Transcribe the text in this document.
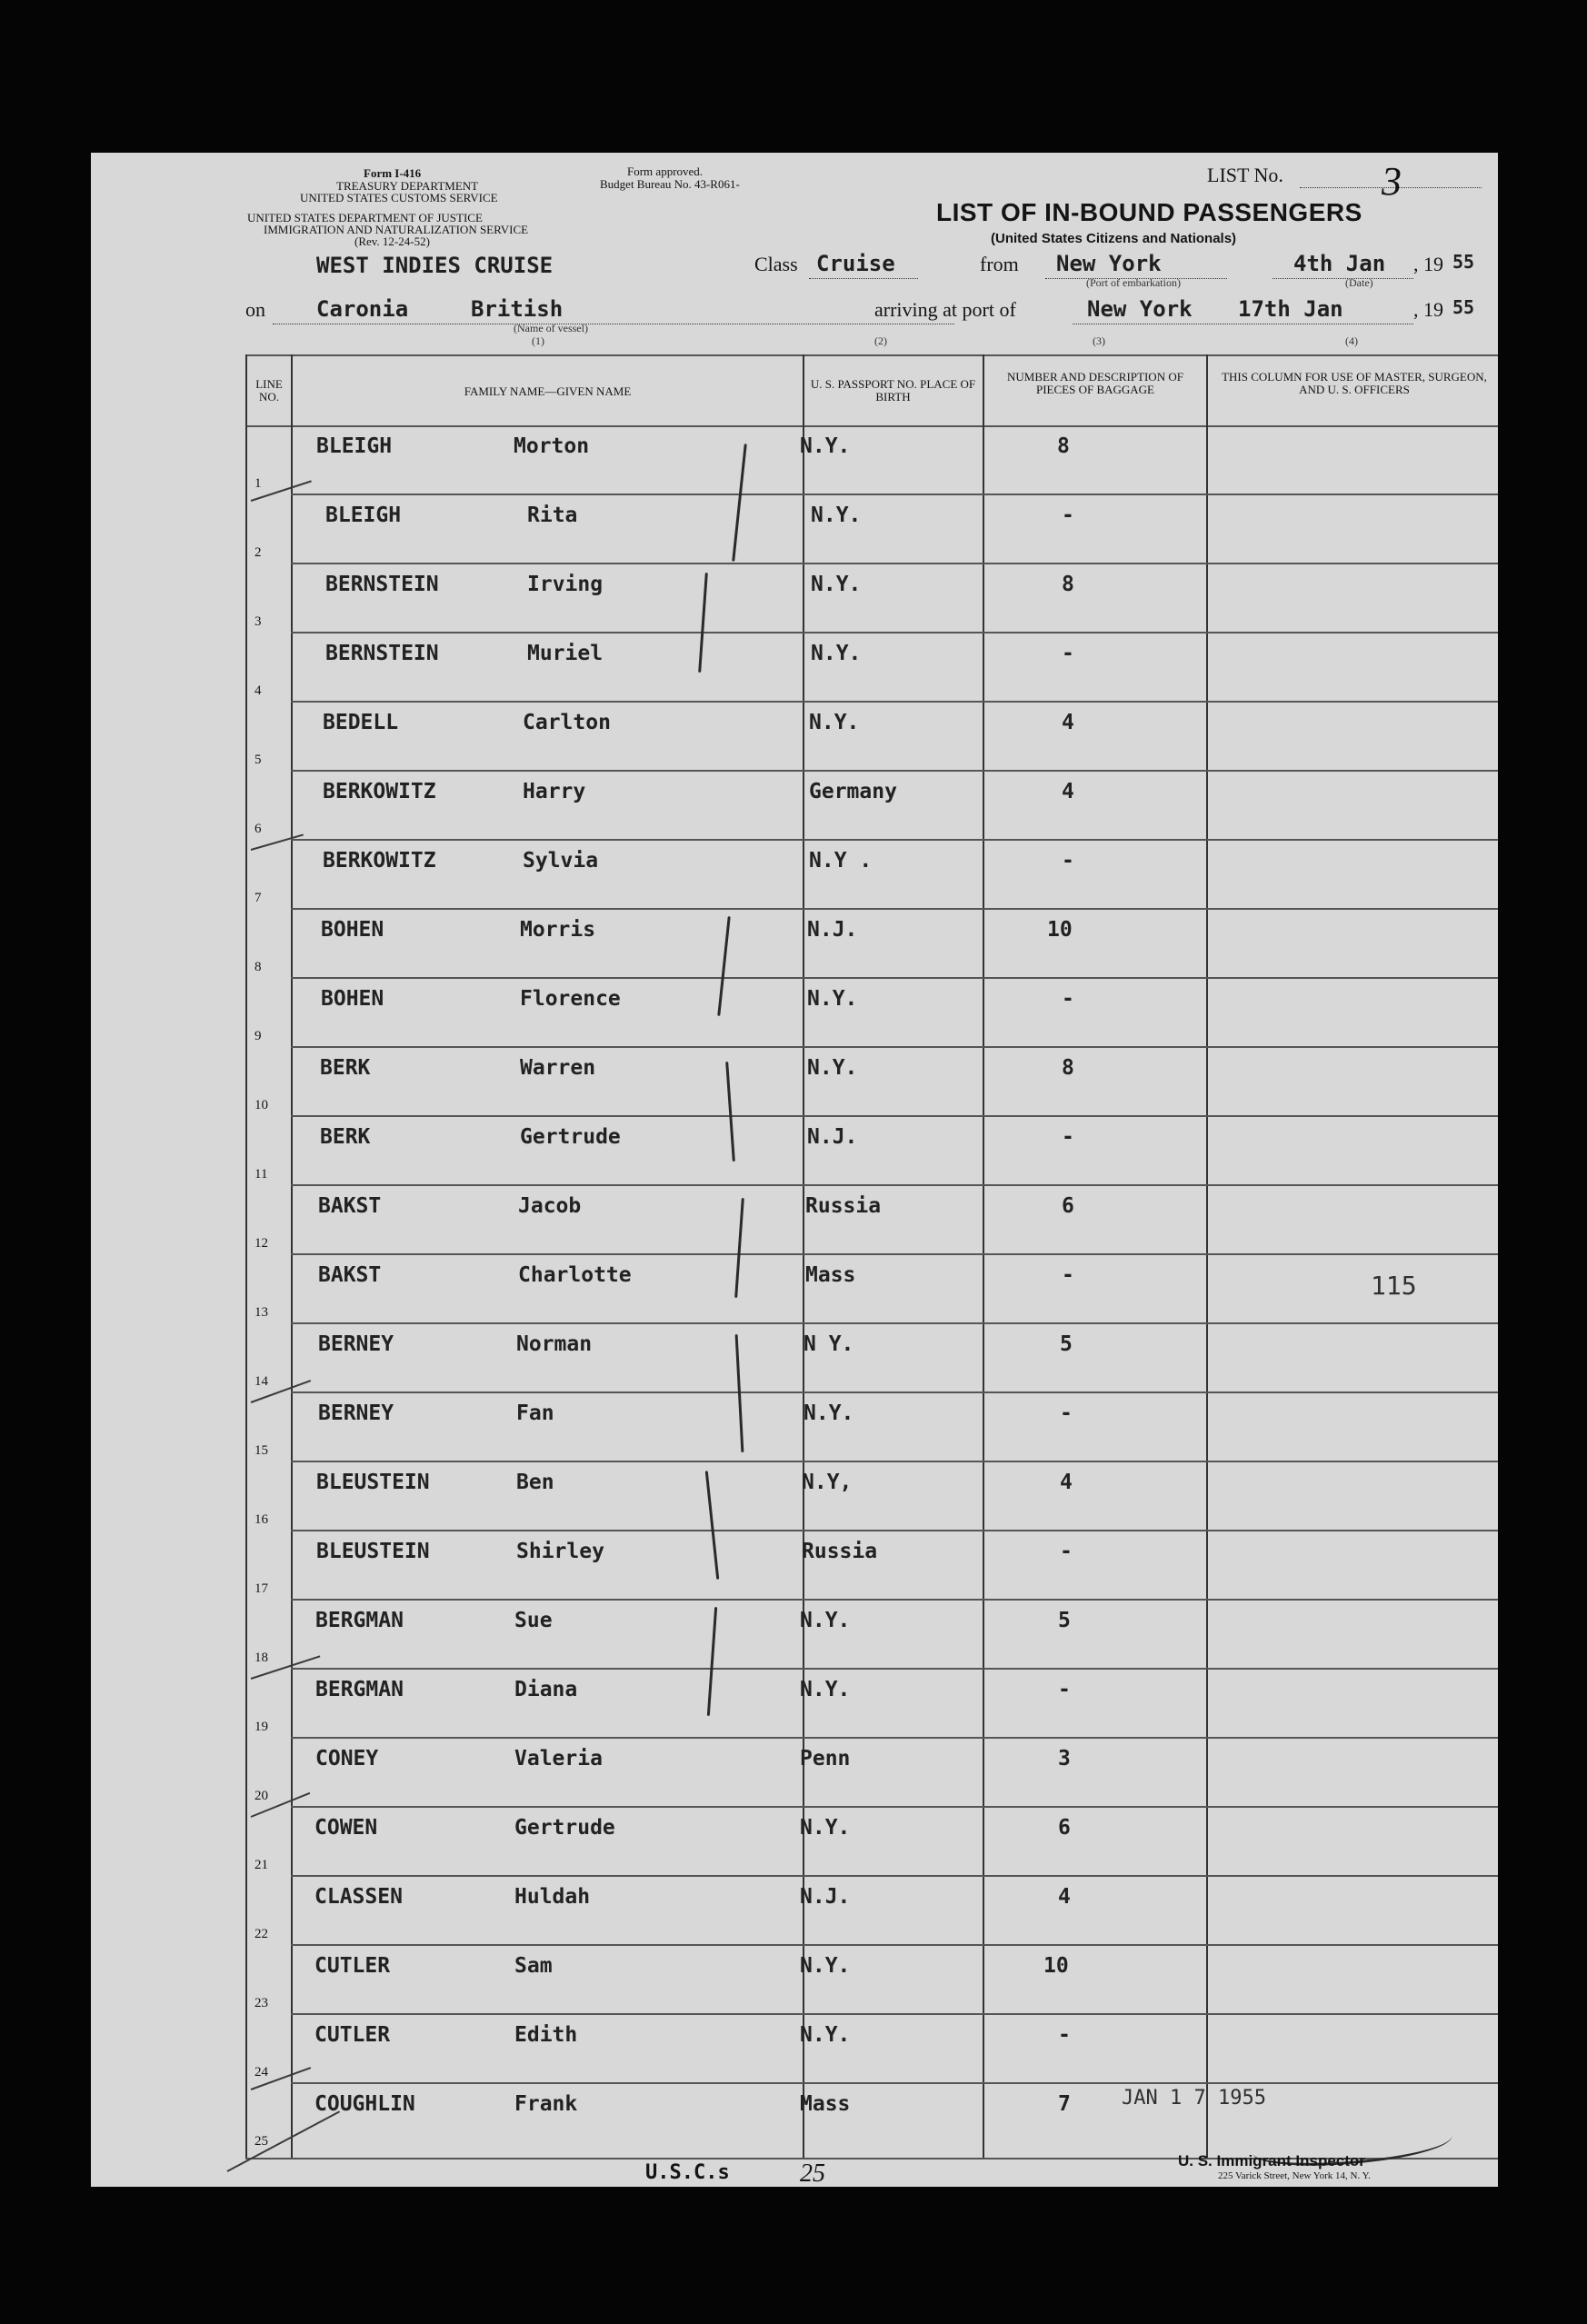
Form I-416
TREASURY DEPARTMENT
UNITED STATES CUSTOMS SERVICE
UNITED STATES DEPARTMENT OF JUSTICE
IMMIGRATION AND NATURALIZATION SERVICE
(Rev. 12-24-52)
Form approved.
Budget Bureau No. 43-R061-	LIST No. 3
LIST OF IN-BOUND PASSENGERS
(United States Citizens and Nationals)
WEST INDIES CRUISE	Class Cruise	from New York
(Port of embarkation)
4th Jan
(Date)
, 19 55
on Caronia	British
(Name of vessel)
(1)
arriving at port of	New York 17th Jan	, 19 55
(2)	(3)	(4)
LINE NO.	FAMILY NAME—GIVEN NAME
U. S. PASSPORT NO. PLACE OF BIRTH
NUMBER AND DESCRIPTION OF PIECES OF BAGGAGE
THIS COLUMN FOR USE OF MASTER, SURGEON, AND U. S. OFFICERS
1
BLEIGH	Morton	N.Y.	8
2
BLEIGH	Rita	N.Y.	-
3
BERNSTEIN	Irving	N.Y.	8
4
BERNSTEIN	Muriel	N.Y.	-
5
BEDELL	Carlton	N.Y.	4
6
BERKOWITZ	Harry	Germany	4
7
BERKOWITZ	Sylvia	N.Y .	-
8
BOHEN	Morris	N.J.	10
9
BOHEN	Florence	N.Y.	-
10
BERK	Warren	N.Y.	8
11
BERK	Gertrude	N.J.	-
12
BAKST	Jacob	Russia	6
13
BAKST	Charlotte	Mass	-
14
BERNEY	Norman	N Y.	5
15
BERNEY	Fan	N.Y.	-
16
BLEUSTEIN	Ben	N.Y,	4
17
BLEUSTEIN	Shirley	Russia	-
18
BERGMAN	Sue	N.Y.	5
19
BERGMAN	Diana	N.Y.	-
20
CONEY	Valeria	Penn	3
21
COWEN	Gertrude	N.Y.	6
22
CLASSEN	Huldah	N.J.	4
23
CUTLER	Sam	N.Y.	10
24
CUTLER	Edith	N.Y.	-
25
COUGHLIN	Frank	Mass	7
115
JAN 1 7 1955
U.S.C.s	25	U. S. Immigrant Inspector
225 Varick Street, New York 14, N. Y.
